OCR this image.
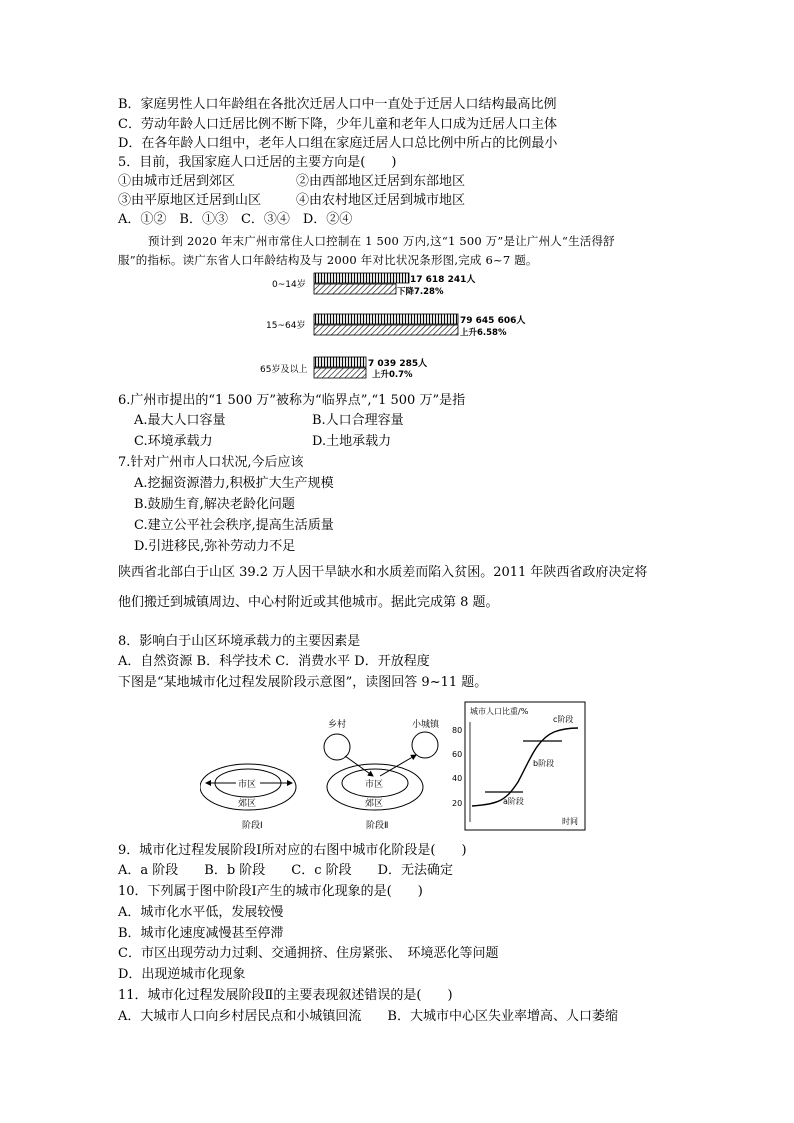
B．家庭男性人口年龄组在各批次迁居人口中一直处于迁居人口结构最高比例
C．劳动年龄人口迁居比例不断下降，少年儿童和老年人口成为迁居人口主体
D．在各年龄人口组中，老年人口组在家庭迁居人口总比例中所占的比例最小
5．目前，我国家庭人口迁居的主要方向是(　　)
①由城市迁居到郊区	②由西部地区迁居到东部地区
③由平原地区迁居到山区	④由农村地区迁居到城市地区
A．①②　B．①③　C．③④　D．②④
预计到 2020 年末广州市常住人口控制在 1 500 万内,这“1 500 万”是让广州人“生活得舒
服”的指标。读广东省人口年龄结构及与 2000 年对比状况条形图,完成 6~7 题。
0~14岁	17 618 241人
下降7.28%
15~64岁	79 645 606人
上升6.58%
65岁及以上
7 039 285人
上升0.7%
6.广州市提出的“1 500 万”被称为“临界点”,“1 500 万”是指
A.最大人口容量	B.人口合理容量
C.环境承载力	D.土地承载力
7.针对广州市人口状况,今后应该
A.挖掘资源潜力,积极扩大生产规模
B.鼓励生育,解决老龄化问题
C.建立公平社会秩序,提高生活质量
D.引进移民,弥补劳动力不足
陕西省北部白于山区 39.2 万人因干旱缺水和水质差而陷入贫困。2011 年陕西省政府决定将
他们搬迁到城镇周边、中心村附近或其他城市。据此完成第 8 题。
8．影响白于山区环境承载力的主要因素是
A．自然资源 B．科学技术 C．消费水平 D．开放程度
下图是“某地城市化过程发展阶段示意图”，读图回答 9~11 题。
市区
郊区
阶段Ⅰ
乡村	小城镇
市区
郊区
阶段Ⅱ
城市人口比重/%
80
60
40
20	a阶段
b阶段
c阶段
时间
9．城市化过程发展阶段Ⅰ所对应的右图中城市化阶段是(　　)
A．a 阶段　　B．b 阶段　　C．c 阶段　　D．无法确定
10．下列属于图中阶段Ⅰ产生的城市化现象的是(　　)
A．城市化水平低，发展较慢
B．城市化速度减慢甚至停滞
C．市区出现劳动力过剩、交通拥挤、住房紧张、　环境恶化等问题
D．出现逆城市化现象
11．城市化过程发展阶段Ⅱ的主要表现叙述错误的是(　　)
A．大城市人口向乡村居民点和小城镇回流　　B．大城市中心区失业率增高、人口萎缩
